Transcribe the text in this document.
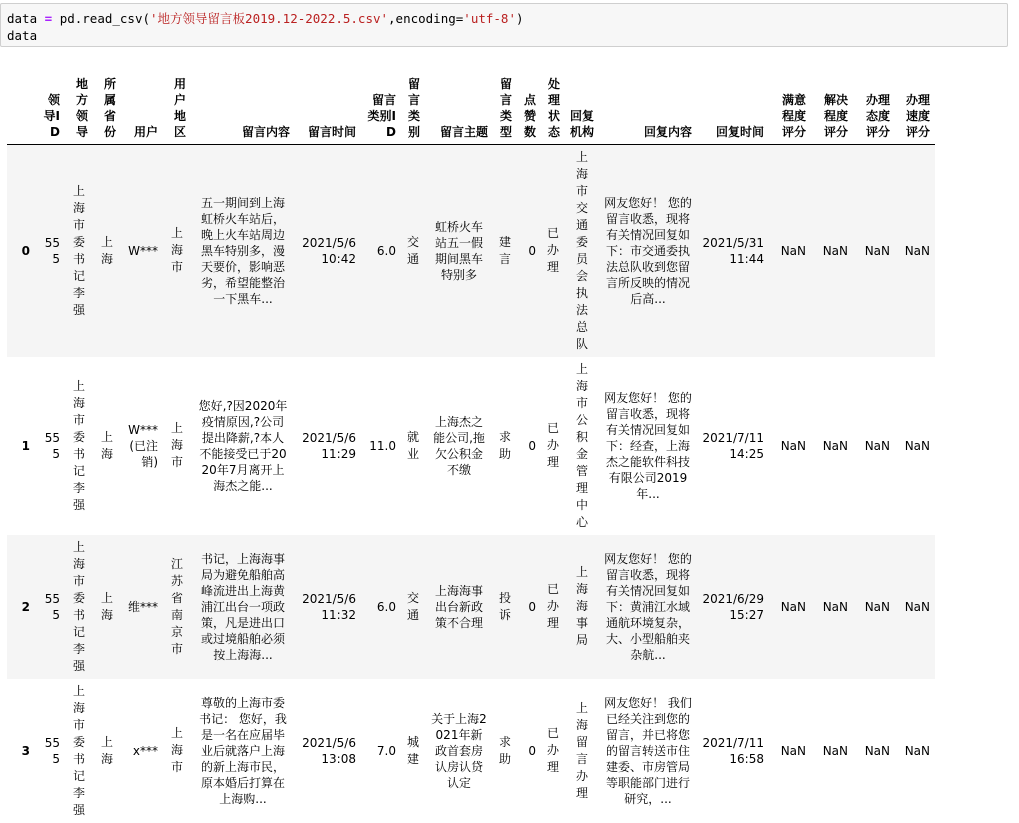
data = pd.read_csv('地方领导留言板2019.12-2022.5.csv',encoding='utf-8')
data
	领导ID	地方领导	所属省份	用户	用户地区	留言内容	留言时间	留言类别ID	留言类别	留言主题	留言类型	点赞数	处理状态	回复机构	回复内容	回复时间	满意程度评分	解决程度评分	办理态度评分	办理速度评分
0	555	上海市委书记李强	上海	W***	上海市	五一期间到上海虹桥火车站后，晚上火车站周边黑车特别多，漫天要价，影响恶劣，希望能整治一下黑车...	2021/5/6 10:42	6.0	交通	虹桥火车站五一假期间黑车特别多	建言	0	已办理	上海市交通委员会执法总队	网友您好！ 您的留言收悉，现将有关情况回复如下：市交通委执法总队收到您留言所反映的情况后高...	2021/5/31 11:44	NaN	NaN	NaN	NaN
1	555	上海市委书记李强	上海	W***(已注销)	上海市	您好,?因2020年疫情原因,?公司提出降薪,?本人不能接受已于2020年7月离开上海杰之能...	2021/5/6 11:29	11.0	就业	上海杰之能公司,拖欠公积金不缴	求助	0	已办理	上海市公积金管理中心	网友您好！ 您的留言收悉，现将有关情况回复如下：经查，上海杰之能软件科技有限公司2019年...	2021/7/11 14:25	NaN	NaN	NaN	NaN
2	555	上海市委书记李强	上海	维***	江苏省南京市	书记，上海海事局为避免船舶高峰流进出上海黄浦江出台一项政策，凡是进出口或过境船舶必须按上海海...	2021/5/6 11:32	6.0	交通	上海海事出台新政策不合理	投诉	0	已办理	上海海事局	网友您好！ 您的留言收悉，现将有关情况回复如下：黄浦江水域通航环境复杂，大、小型船舶夹杂航...	2021/6/29 15:27	NaN	NaN	NaN	NaN
3	555	上海市委书记李强	上海	x***	上海市	尊敬的上海市委书记： 您好，我是一名在应届毕业后就落户上海的新上海市民，原本婚后打算在上海购...	2021/5/6 13:08	7.0	城建	关于上海2021年新政首套房认房认贷认定	求助	0	已办理	上海留言办理	网友您好！ 我们已经关注到您的留言，并已将您的留言转送市住建委、市房管局等职能部门进行研究，...	2021/7/11 16:58	NaN	NaN	NaN	NaN
